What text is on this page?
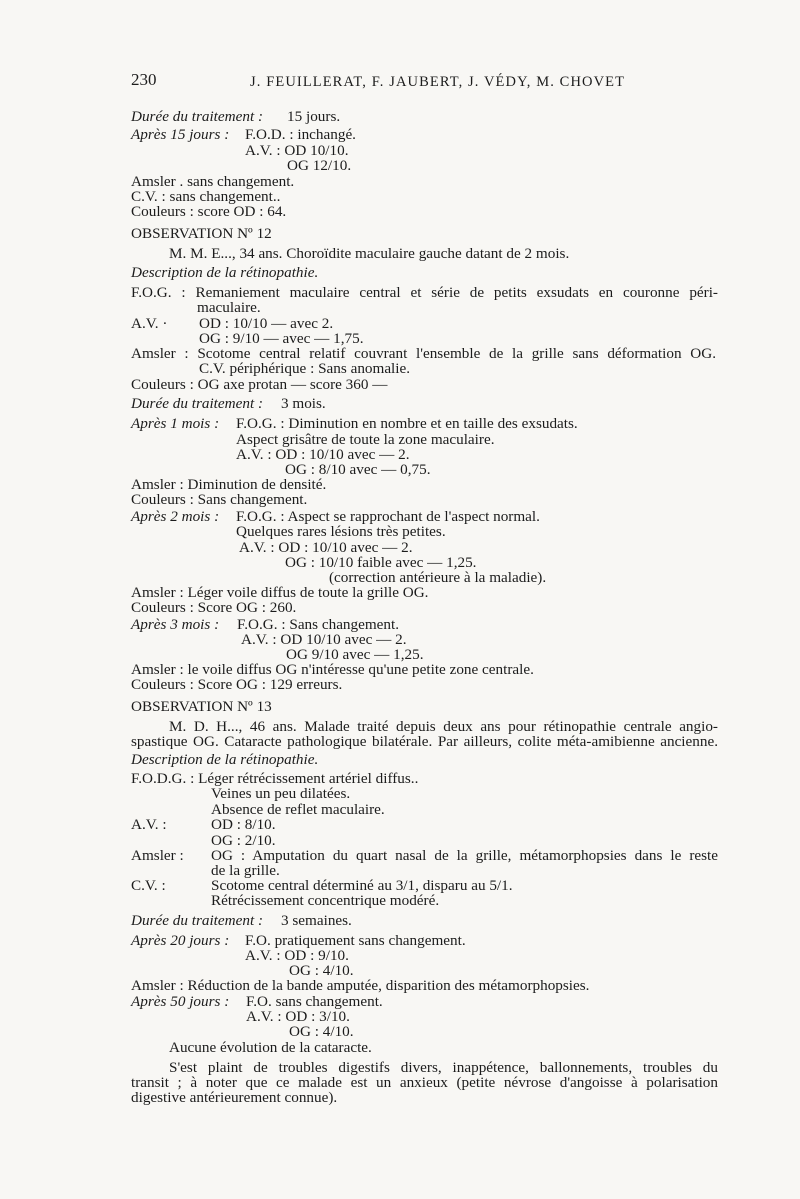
230	J. FEUILLERAT, F. JAUBERT, J. VÉDY, M. CHOVET
Durée du traitement : 15 jours.
Après 15 jours : F.O.D. : inchangé.
A.V. : OD 10/10.
OG 12/10.
Amsler . sans changement.
C.V. : sans changement..
Couleurs : score OD : 64.
OBSERVATION Nº 12
M. M. E..., 34 ans. Choroïdite maculaire gauche datant de 2 mois.
Description de la rétinopathie.
F.O.G. : Remaniement maculaire central et série de petits exsudats en couronne péri-
maculaire.
A.V. · OD : 10/10 — avec 2.
OG : 9/10 — avec — 1,75.
Amsler : Scotome central relatif couvrant l'ensemble de la grille sans déformation OG.
C.V. périphérique : Sans anomalie.
Couleurs : OG axe protan — score 360 —
Durée du traitement : 3 mois.
Après 1 mois : F.O.G. : Diminution en nombre et en taille des exsudats.
Aspect grisâtre de toute la zone maculaire.
A.V. : OD : 10/10 avec — 2.
OG : 8/10 avec — 0,75.
Amsler : Diminution de densité.
Couleurs : Sans changement.
Après 2 mois : F.O.G. : Aspect se rapprochant de l'aspect normal.
Quelques rares lésions très petites.
A.V. : OD : 10/10 avec — 2.
OG : 10/10 faible avec — 1,25.
(correction antérieure à la maladie).
Amsler : Léger voile diffus de toute la grille OG.
Couleurs : Score OG : 260.
Après 3 mois : F.O.G. : Sans changement.
A.V. : OD 10/10 avec — 2.
OG 9/10 avec — 1,25.
Amsler : le voile diffus OG n'intéresse qu'une petite zone centrale.
Couleurs : Score OG : 129 erreurs.
OBSERVATION Nº 13
M. D. H..., 46 ans. Malade traité depuis deux ans pour rétinopathie centrale angio-
spastique OG. Cataracte pathologique bilatérale. Par ailleurs, colite méta-amibienne ancienne.
Description de la rétinopathie.
F.O.D.G. : Léger rétrécissement artériel diffus..
Veines un peu dilatées.
Absence de reflet maculaire.
A.V. :	OD : 8/10.
OG : 2/10.
Amsler : OG : Amputation du quart nasal de la grille, métamorphopsies dans le reste
de la grille.
C.V. :	Scotome central déterminé au 3/1, disparu au 5/1.
Rétrécissement concentrique modéré.
Durée du traitement : 3 semaines.
Après 20 jours : F.O. pratiquement sans changement.
A.V. : OD : 9/10.
OG : 4/10.
Amsler : Réduction de la bande amputée, disparition des métamorphopsies.
Après 50 jours : F.O. sans changement.
A.V. : OD : 3/10.
OG : 4/10.
Aucune évolution de la cataracte.
S'est plaint de troubles digestifs divers, inappétence, ballonnements, troubles du
transit ; à noter que ce malade est un anxieux (petite névrose d'angoisse à polarisation
digestive antérieurement connue).
